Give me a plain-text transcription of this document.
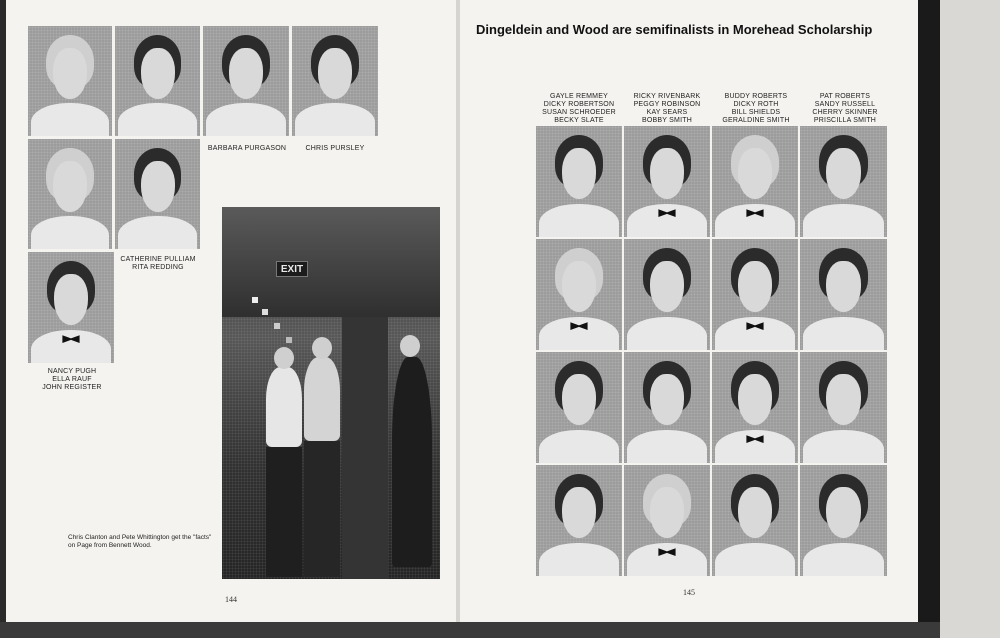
BARBARA PURGASON	CHRIS PURSLEY
CATHERINE PULLIAM
RITA REDDING
NANCY PUGH
ELLA RAUF
JOHN REGISTER
EXIT
Chris Clanton and Pete Whittington get the "facts" on Page from Bennett Wood.
144
Dingeldein and Wood are semifinalists in Morehead Scholarship
GAYLE REMMEY
DICKY ROBERTSON
SUSAN SCHROEDER
BECKY SLATE
RICKY RIVENBARK
PEGGY ROBINSON
KAY SEARS
BOBBY SMITH
BUDDY ROBERTS
DICKY ROTH
BILL SHIELDS
GERALDINE SMITH
PAT ROBERTS
SANDY RUSSELL
CHERRY SKINNER
PRISCILLA SMITH
145
